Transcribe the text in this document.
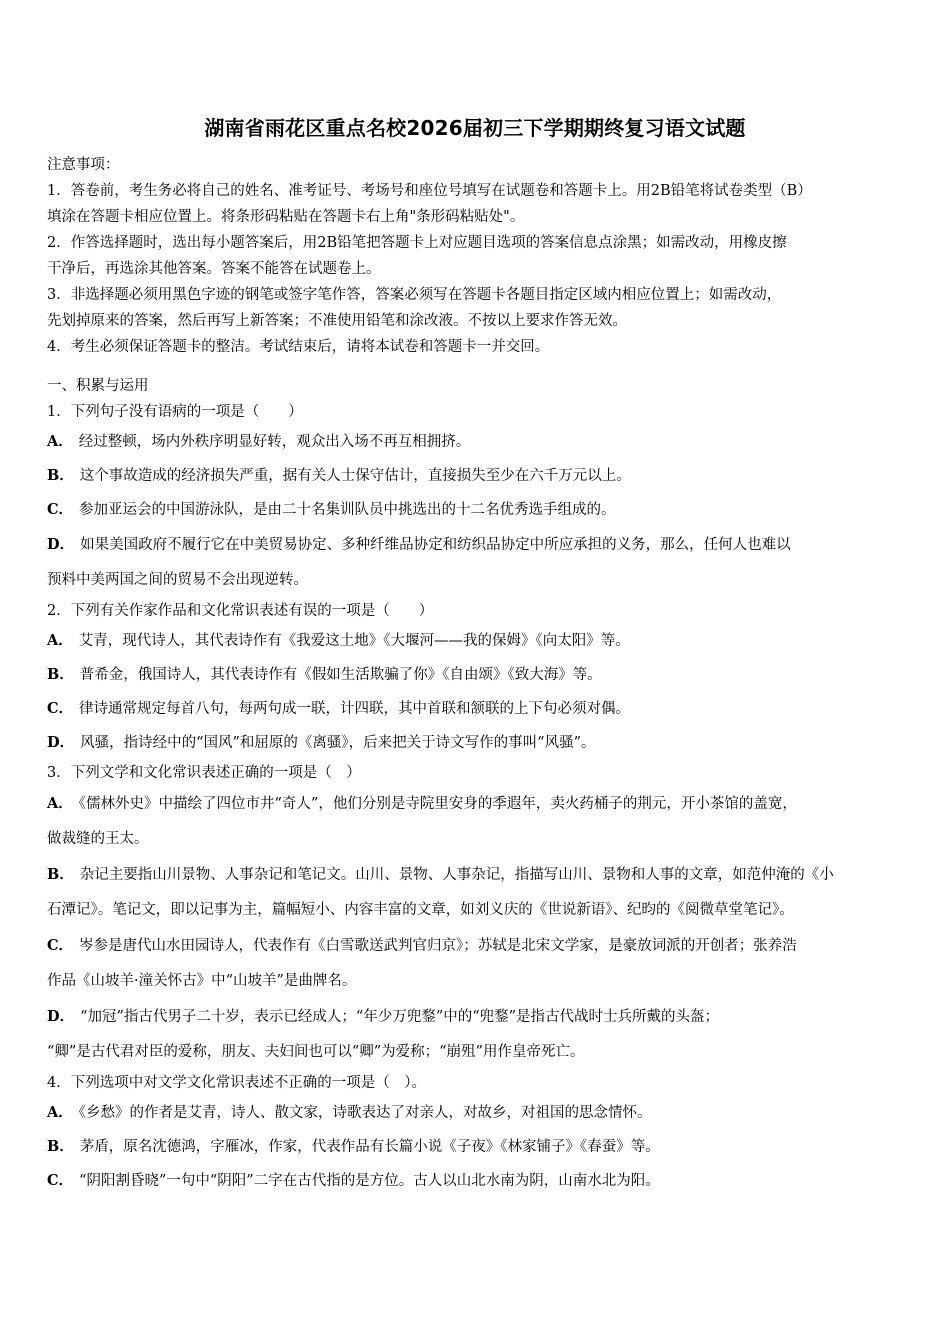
湖南省雨花区重点名校2026届初三下学期期终复习语文试题
注意事项：
1．答卷前，考生务必将自己的姓名、准考证号、考场号和座位号填写在试题卷和答题卡上。用2B铅笔将试卷类型（B）
填涂在答题卡相应位置上。将条形码粘贴在答题卡右上角"条形码粘贴处"。
2．作答选择题时，选出每小题答案后，用2B铅笔把答题卡上对应题目选项的答案信息点涂黑；如需改动，用橡皮擦
干净后，再选涂其他答案。答案不能答在试题卷上。
3．非选择题必须用黑色字迹的钢笔或签字笔作答，答案必须写在答题卡各题目指定区域内相应位置上；如需改动，
先划掉原来的答案，然后再写上新答案；不准使用铅笔和涂改液。不按以上要求作答无效。
4．考生必须保证答题卡的整洁。考试结束后，请将本试卷和答题卡一并交回。
一、积累与运用
1．下列句子没有语病的一项是（　　）
A． 经过整顿，场内外秩序明显好转，观众出入场不再互相拥挤。
B． 这个事故造成的经济损失严重，据有关人士保守估计，直接损失至少在六千万元以上。
C． 参加亚运会的中国游泳队，是由二十名集训队员中挑选出的十二名优秀选手组成的。
D． 如果美国政府不履行它在中美贸易协定、多种纤维品协定和纺织品协定中所应承担的义务，那么，任何人也难以
预料中美两国之间的贸易不会出现逆转。
2．下列有关作家作品和文化常识表述有误的一项是（　　）
A． 艾青，现代诗人，其代表诗作有《我爱这土地》《大堰河——我的保姆》《向太阳》等。
B． 普希金，俄国诗人，其代表诗作有《假如生活欺骗了你》《自由颂》《致大海》等。
C． 律诗通常规定每首八句，每两句成一联，计四联，其中首联和颔联的上下句必须对偶。
D． 风骚，指诗经中的“国风”和屈原的《离骚》，后来把关于诗文写作的事叫“风骚”。
3．下列文学和文化常识表述正确的一项是（　）
A． 《儒林外史》中描绘了四位市井“奇人”，他们分别是寺院里安身的季遐年，卖火药桶子的荆元，开小茶馆的盖宽，
做裁缝的王太。
B． 杂记主要指山川景物、人事杂记和笔记文。山川、景物、人事杂记，指描写山川、景物和人事的文章，如范仲淹的《小
石潭记》。笔记文，即以记事为主，篇幅短小、内容丰富的文章，如刘义庆的《世说新语》、纪昀的《阅微草堂笔记》。
C． 岑参是唐代山水田园诗人，代表作有《白雪歌送武判官归京》；苏轼是北宋文学家，是豪放词派的开创者；张养浩
作品《山坡羊·潼关怀古》中“山坡羊”是曲牌名。
D． “加冠”指古代男子二十岁，表示已经成人；“年少万兜鍪”中的“兜鍪”是指古代战时士兵所戴的头盔；
“卿”是古代君对臣的爱称，朋友、夫妇间也可以“卿”为爱称；“崩殂”用作皇帝死亡。
4．下列选项中对文学文化常识表述不正确的一项是（　）。
A． 《乡愁》的作者是艾青，诗人、散文家，诗歌表达了对亲人，对故乡，对祖国的思念情怀。
B． 茅盾，原名沈德鸿，字雁冰，作家，代表作品有长篇小说《子夜》《林家铺子》《春蚕》等。
C． “阴阳割昏晓”一句中“阴阳”二字在古代指的是方位。古人以山北水南为阴，山南水北为阳。
